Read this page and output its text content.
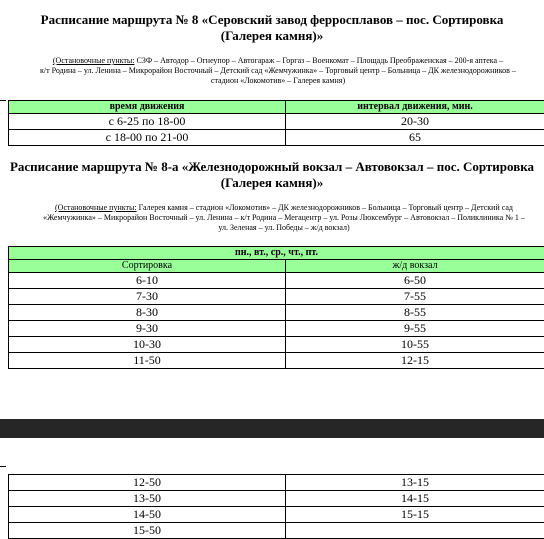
Расписание маршрута № 8 «Серовский завод ферросплавов – пос. Сортировка
(Галерея камня)»
(Остановочные пункты: СЗФ – Автодор – Огнеупор – Автогараж – Горгаз – Военкомат – Площадь Преображенская – 200-я аптека –
к/т Родина – ул. Ленина – Микрорайон Восточный – Детский сад «Жемчужинка» – Торговый центр – Больница – ДК железнодорожников –
стадион «Локомотив» – Галерея камня)
время движения	интервал движения, мин.
с 6-25 по 18-00	20-30
с 18-00 по 21-00	65
Расписание маршрута № 8-а «Железнодорожный вокзал – Автовокзал – пос. Сортировка
(Галерея камня)»
(Остановочные пункты: Галерея камня – стадион «Локомотив» – ДК железнодорожников – Больница – Торговый центр – Детский сад
«Жемчужинка» – Микрорайон Восточный – ул. Ленина – к/т Родина – Мегацентр – ул. Розы Люксембург – Автовокзал – Поликлиника № 1 –
ул. Зеленая – ул. Победы – ж/д вокзал)
пн., вт., ср., чт., пт.	
Сортировка	ж/д вокзал
6-10	6-50
7-30	7-55
8-30	8-55
9-30	9-55
10-30	10-55
11-50	12-15
12-50	13-15
13-50	14-15
14-50	15-15
15-50	
